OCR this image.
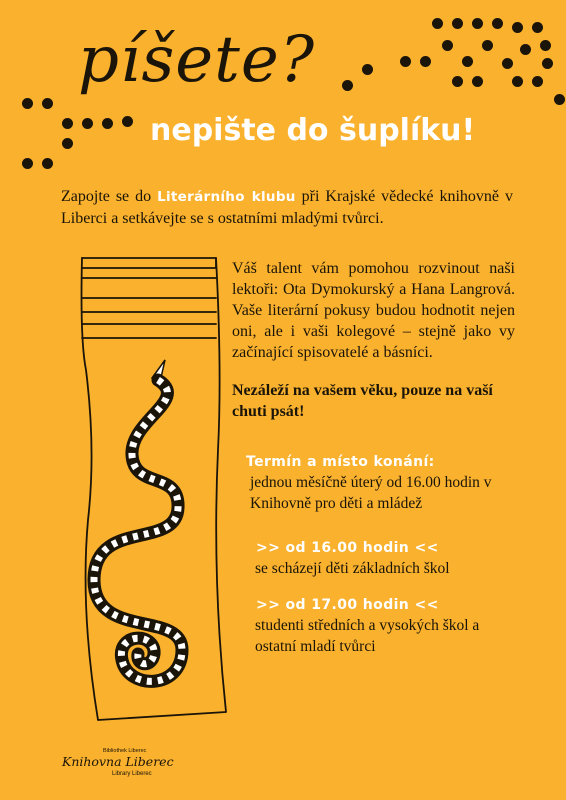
píšete?
nepište do šuplíku!
Zapojte se do Literárního klubu při Krajské vědecké knihovně v Liberci a setkávejte se s ostatními mladými tvůrci.
Váš talent vám pomohou rozvinout naši lektoři: Ota Dymokurský a Hana Langrová. Vaše literární pokusy budou hodnotit nejen oni, ale i vaši kolegové – stejně jako vy začínající spisovatelé a básníci.
Nezáleží na vašem věku, pouze na vaší chuti psát!
Termín a místo konání:
jednou měsíčně úterý od 16.00 hodin v Knihovně pro děti a mládež
>> od 16.00 hodin <<
se scházejí děti základních škol
>> od 17.00 hodin <<
studenti středních a vysokých škol a ostatní mladí tvůrci
Bibliothek Liberec
Knihovna Liberec
Library Liberec
